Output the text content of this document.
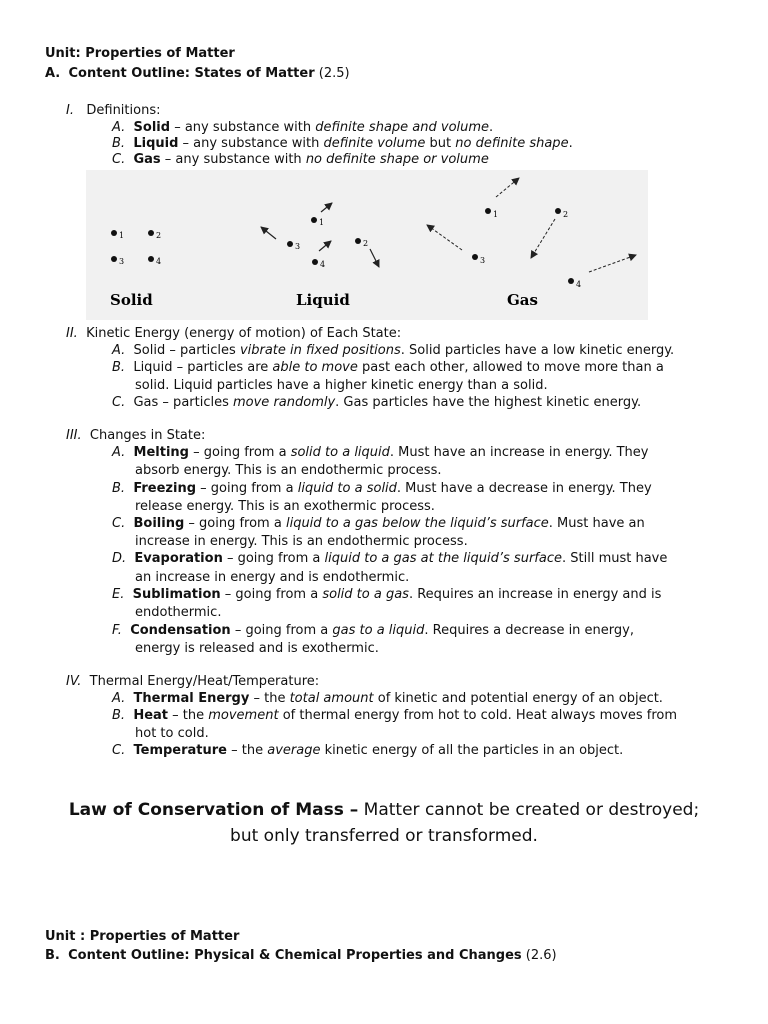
Unit: Properties of Matter
A. Content Outline: States of Matter (2.5)
I. Definitions:
A. Solid – any substance with definite shape and volume.
B. Liquid – any substance with definite volume but no definite shape.
C. Gas – any substance with no definite shape or volume
1	2
3	4
Solid
1
2
3
4
Liquid
1	2
3
4
Gas
II. Kinetic Energy (energy of motion) of Each State:
A. Solid – particles vibrate in fixed positions. Solid particles have a low kinetic energy.
B. Liquid – particles are able to move past each other, allowed to move more than a
solid. Liquid particles have a higher kinetic energy than a solid.
C. Gas – particles move randomly. Gas particles have the highest kinetic energy.
III. Changes in State:
A. Melting – going from a solid to a liquid. Must have an increase in energy. They
absorb energy. This is an endothermic process.
B. Freezing – going from a liquid to a solid. Must have a decrease in energy. They
release energy. This is an exothermic process.
C. Boiling – going from a liquid to a gas below the liquid’s surface. Must have an
increase in energy. This is an endothermic process.
D. Evaporation – going from a liquid to a gas at the liquid’s surface. Still must have
an increase in energy and is endothermic.
E. Sublimation – going from a solid to a gas. Requires an increase in energy and is
endothermic.
F. Condensation – going from a gas to a liquid. Requires a decrease in energy,
energy is released and is exothermic.
IV. Thermal Energy/Heat/Temperature:
A. Thermal Energy – the total amount of kinetic and potential energy of an object.
B. Heat – the movement of thermal energy from hot to cold. Heat always moves from
hot to cold.
C. Temperature – the average kinetic energy of all the particles in an object.
Law of Conservation of Mass – Matter cannot be created or destroyed;
but only transferred or transformed.
Unit : Properties of Matter
B. Content Outline: Physical & Chemical Properties and Changes (2.6)
